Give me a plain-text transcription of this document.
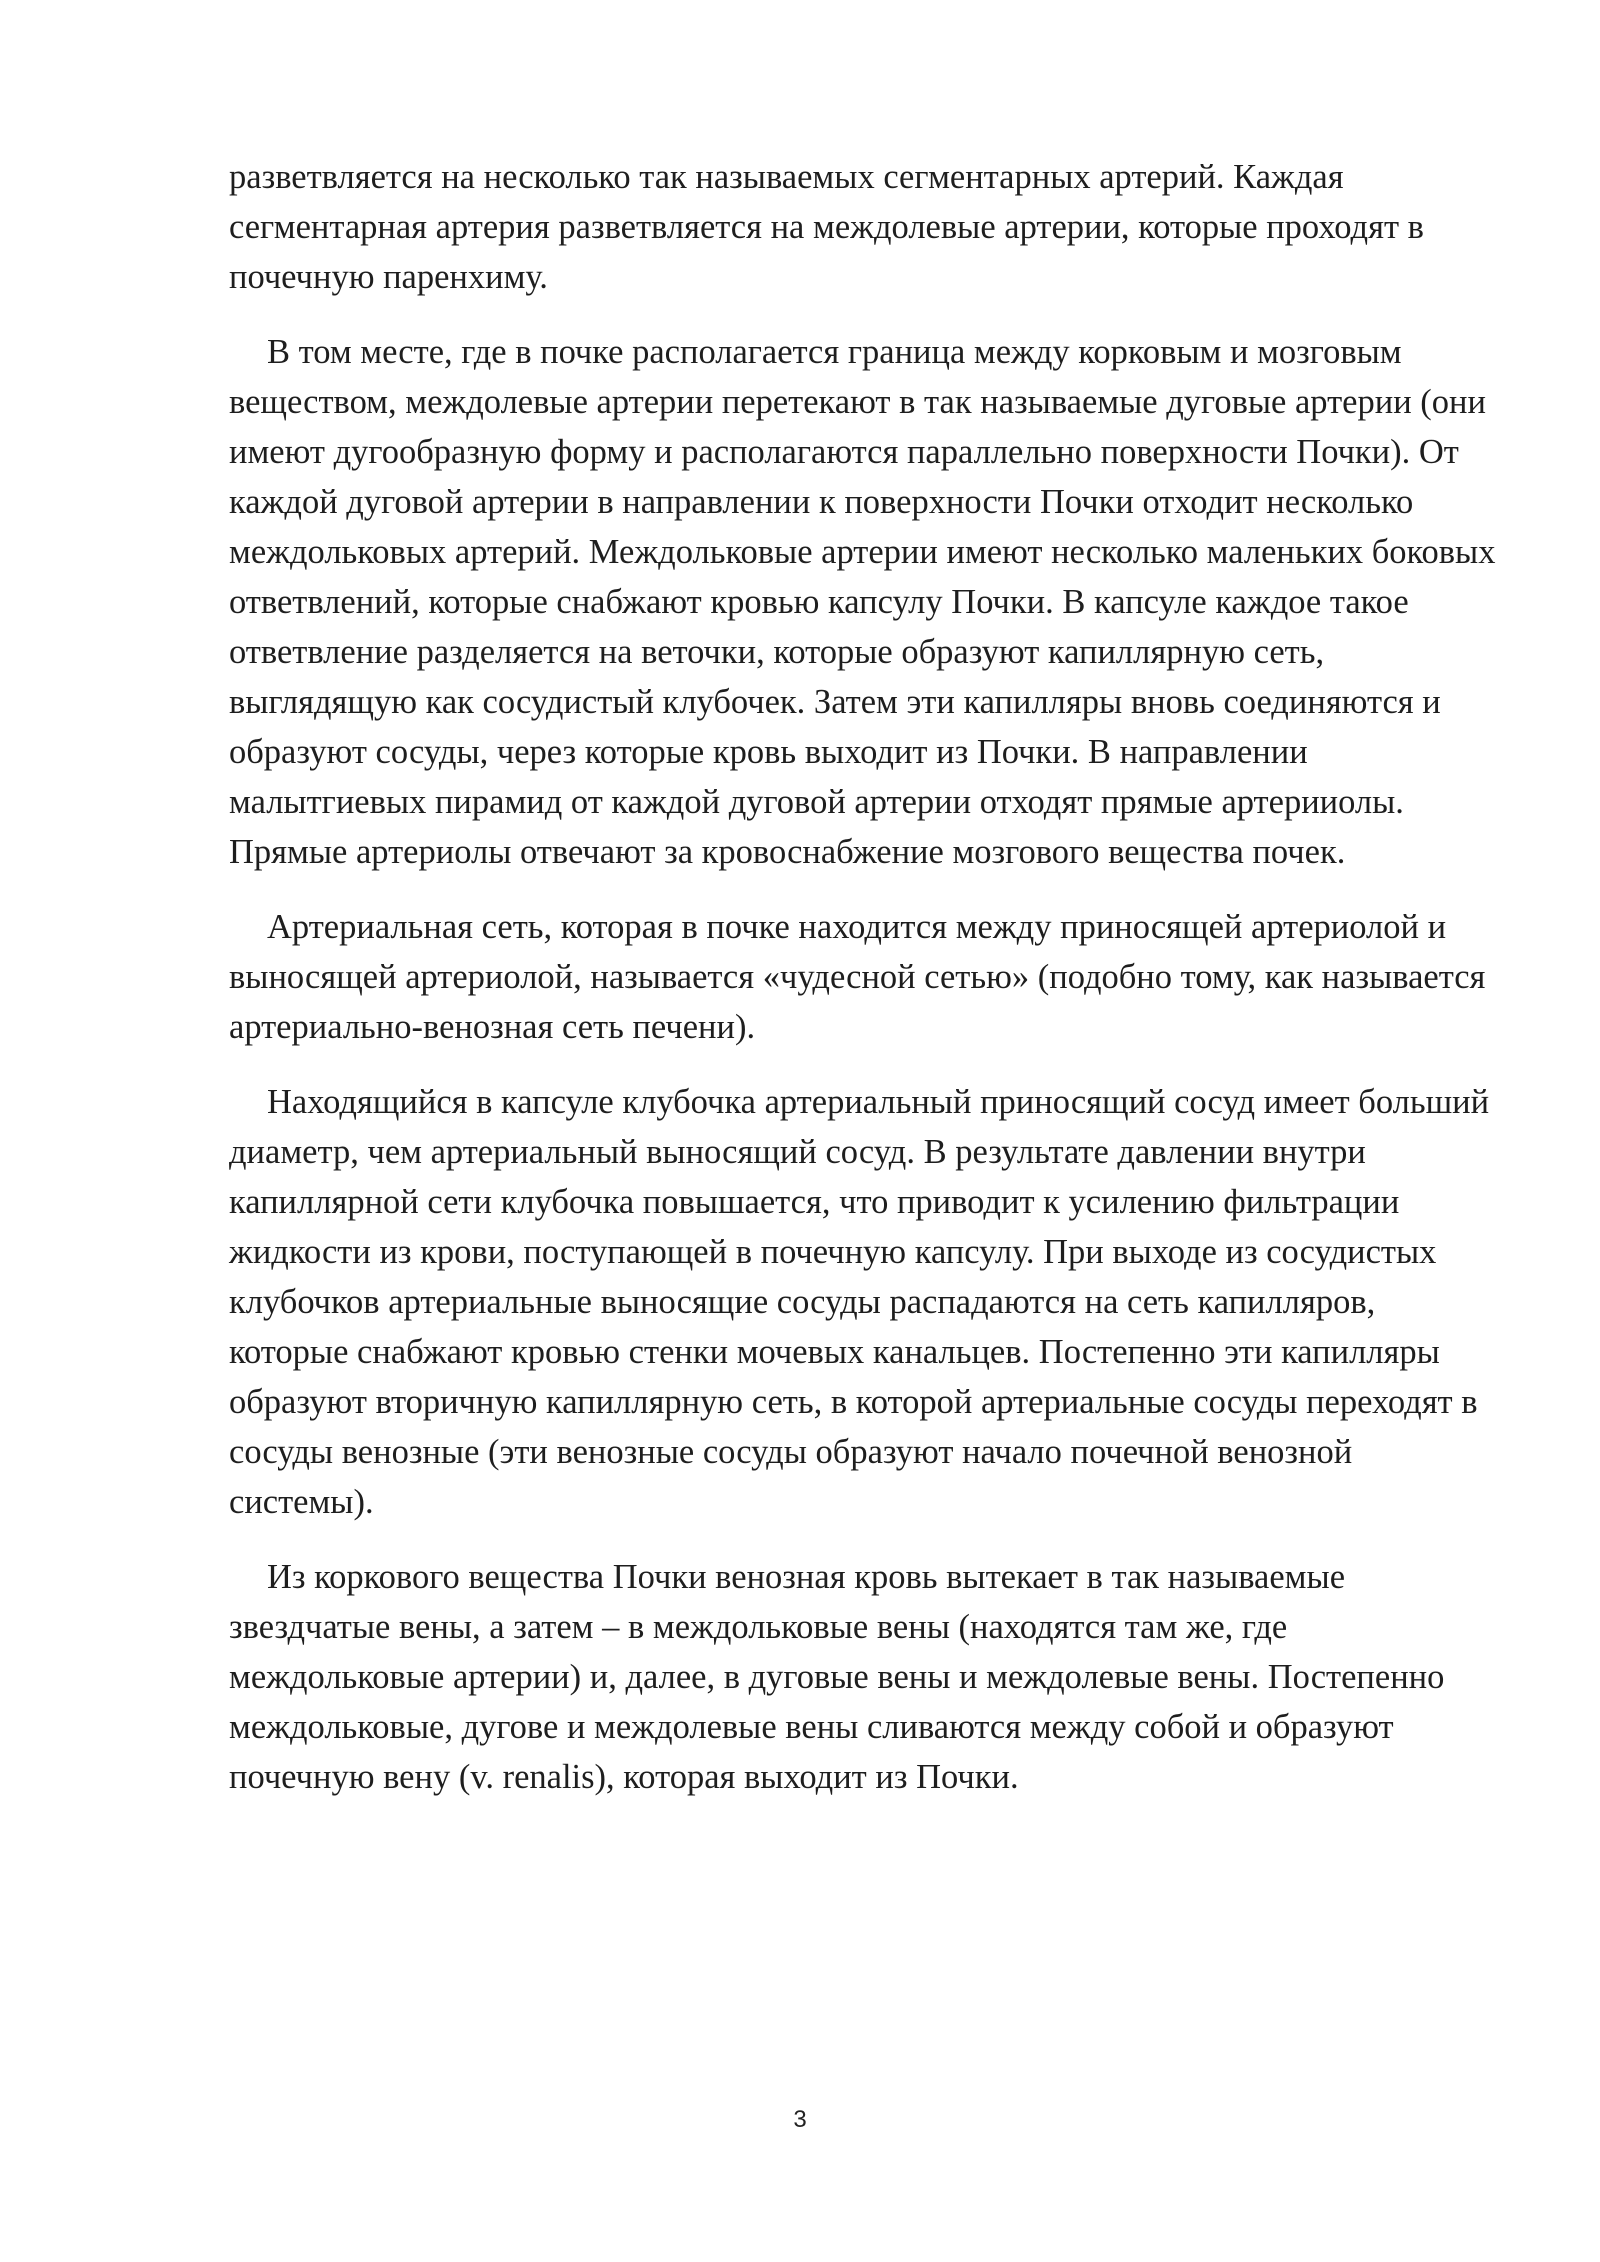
разветвляется на несколько так называемых сегментарных артерий. Каждая сегментарная артерия разветвляется на междолевые артерии, которые проходят в почечную паренхиму.

В том месте, где в почке располагается граница между корковым и мозговым веществом, междолевые артерии перетекают в так называемые дуговые артерии (они имеют дугообразную форму и располагаются параллельно поверхности Почки). От каждой дуговой артерии в направлении к поверхности Почки отходит несколько междольковых артерий. Междольковые артерии имеют несколько маленьких боковых ответвлений, которые снабжают кровью капсулу Почки. В капсуле каждое такое ответвление разделяется на веточки, которые образуют капиллярную сеть, выглядящую как сосудистый клубочек. Затем эти капилляры вновь соединяются и образуют сосуды, через которые кровь выходит из Почки. В направлении малытгиевых пирамид от каждой дуговой артерии отходят прямые артерииолы. Прямые артериолы отвечают за кровоснабжение мозгового вещества почек.

Артериальная сеть, которая в почке находится между приносящей артериолой и выносящей артериолой, называется «чудесной сетью» (подобно тому, как называется артериально-венозная сеть печени).

Находящийся в капсуле клубочка артериальный приносящий сосуд имеет больший диаметр, чем артериальный выносящий сосуд. В результате давлении внутри капиллярной сети клубочка повышается, что приводит к усилению фильтрации жидкости из крови, поступающей в почечную капсулу. При выходе из сосудистых клубочков артериальные выносящие сосуды распадаются на сеть капилляров, которые снабжают кровью стенки мочевых канальцев. Постепенно эти капилляры образуют вторичную капиллярную сеть, в которой артериальные сосуды переходят в сосуды венозные (эти венозные сосуды образуют начало почечной венозной системы).

Из коркового вещества Почки венозная кровь вытекает в так называемые звездчатые вены, а затем – в междольковые вены (находятся там же, где междольковые артерии) и, далее, в дуговые вены и междолевые вены. Постепенно междольковые, дугове и междолевые вены сливаются между собой и образуют почечную вену (v. renalis), которая выходит из Почки.

3
